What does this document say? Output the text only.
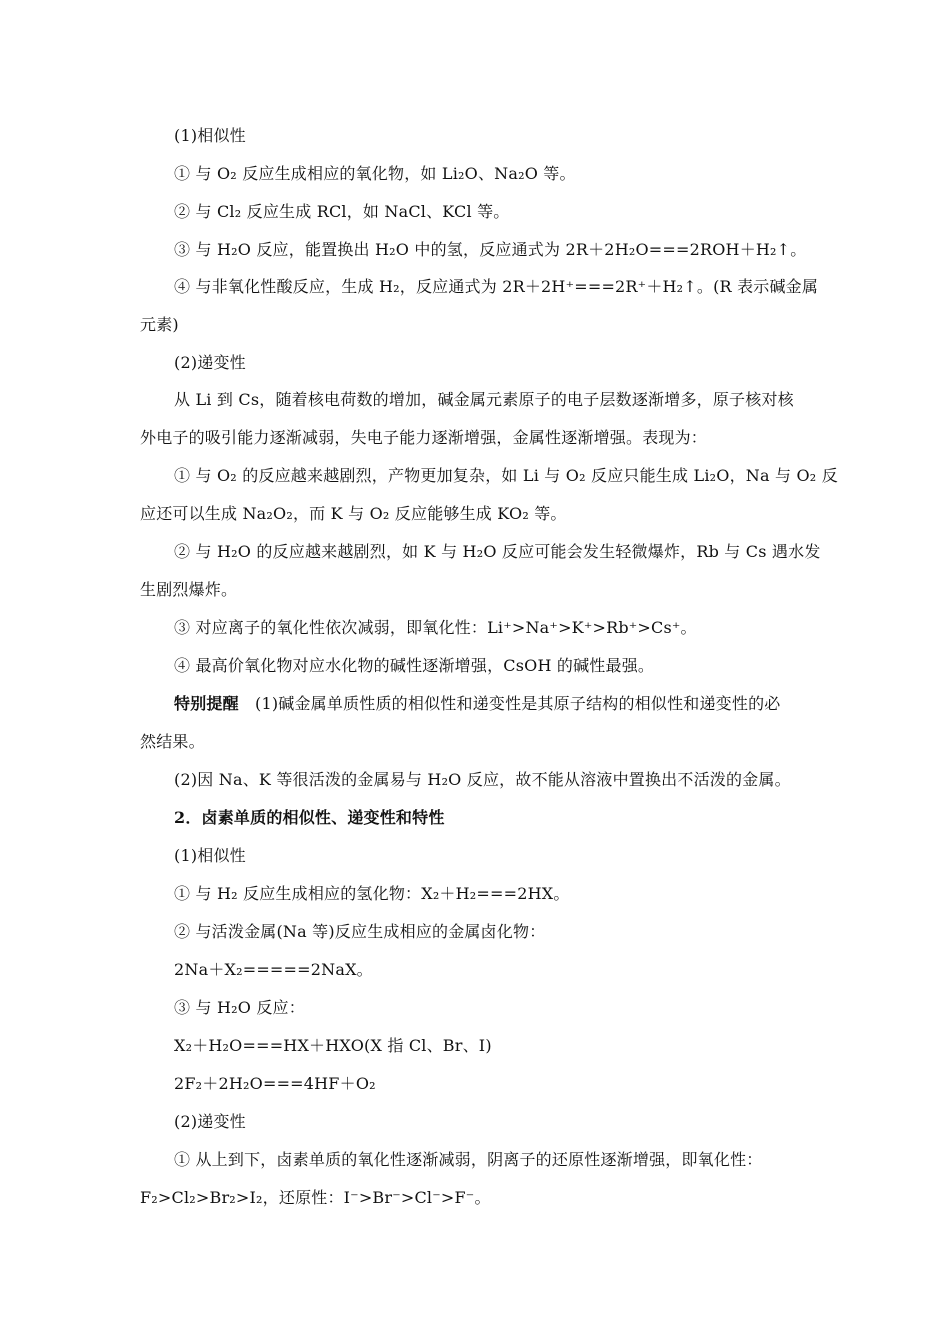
(1)相似性
① 与 O₂ 反应生成相应的氧化物，如 Li₂O、Na₂O 等。
② 与 Cl₂ 反应生成 RCl，如 NaCl、KCl 等。
③ 与 H₂O 反应，能置换出 H₂O 中的氢，反应通式为 2R＋2H₂O===2ROH＋H₂↑。
④ 与非氧化性酸反应，生成 H₂，反应通式为 2R＋2H⁺===2R⁺＋H₂↑。(R 表示碱金属
元素)
(2)递变性
从 Li 到 Cs，随着核电荷数的增加，碱金属元素原子的电子层数逐渐增多，原子核对核
外电子的吸引能力逐渐减弱，失电子能力逐渐增强，金属性逐渐增强。表现为：
① 与 O₂ 的反应越来越剧烈，产物更加复杂，如 Li 与 O₂ 反应只能生成 Li₂O，Na 与 O₂ 反
应还可以生成 Na₂O₂，而 K 与 O₂ 反应能够生成 KO₂ 等。
② 与 H₂O 的反应越来越剧烈，如 K 与 H₂O 反应可能会发生轻微爆炸，Rb 与 Cs 遇水发
生剧烈爆炸。
③ 对应离子的氧化性依次减弱，即氧化性：Li⁺>Na⁺>K⁺>Rb⁺>Cs⁺。
④ 最高价氧化物对应水化物的碱性逐渐增强，CsOH 的碱性最强。
特别提醒　(1)碱金属单质性质的相似性和递变性是其原子结构的相似性和递变性的必
然结果。
(2)因 Na、K 等很活泼的金属易与 H₂O 反应，故不能从溶液中置换出不活泼的金属。
2．卤素单质的相似性、递变性和特性
(1)相似性
① 与 H₂ 反应生成相应的氢化物：X₂＋H₂===2HX。
② 与活泼金属(Na 等)反应生成相应的金属卤化物：
2Na＋X₂=====2NaX。
③ 与 H₂O 反应：
X₂＋H₂O===HX＋HXO(X 指 Cl、Br、I)
2F₂＋2H₂O===4HF＋O₂
(2)递变性
① 从上到下，卤素单质的氧化性逐渐减弱，阴离子的还原性逐渐增强，即氧化性：
F₂>Cl₂>Br₂>I₂，还原性：I⁻>Br⁻>Cl⁻>F⁻。
